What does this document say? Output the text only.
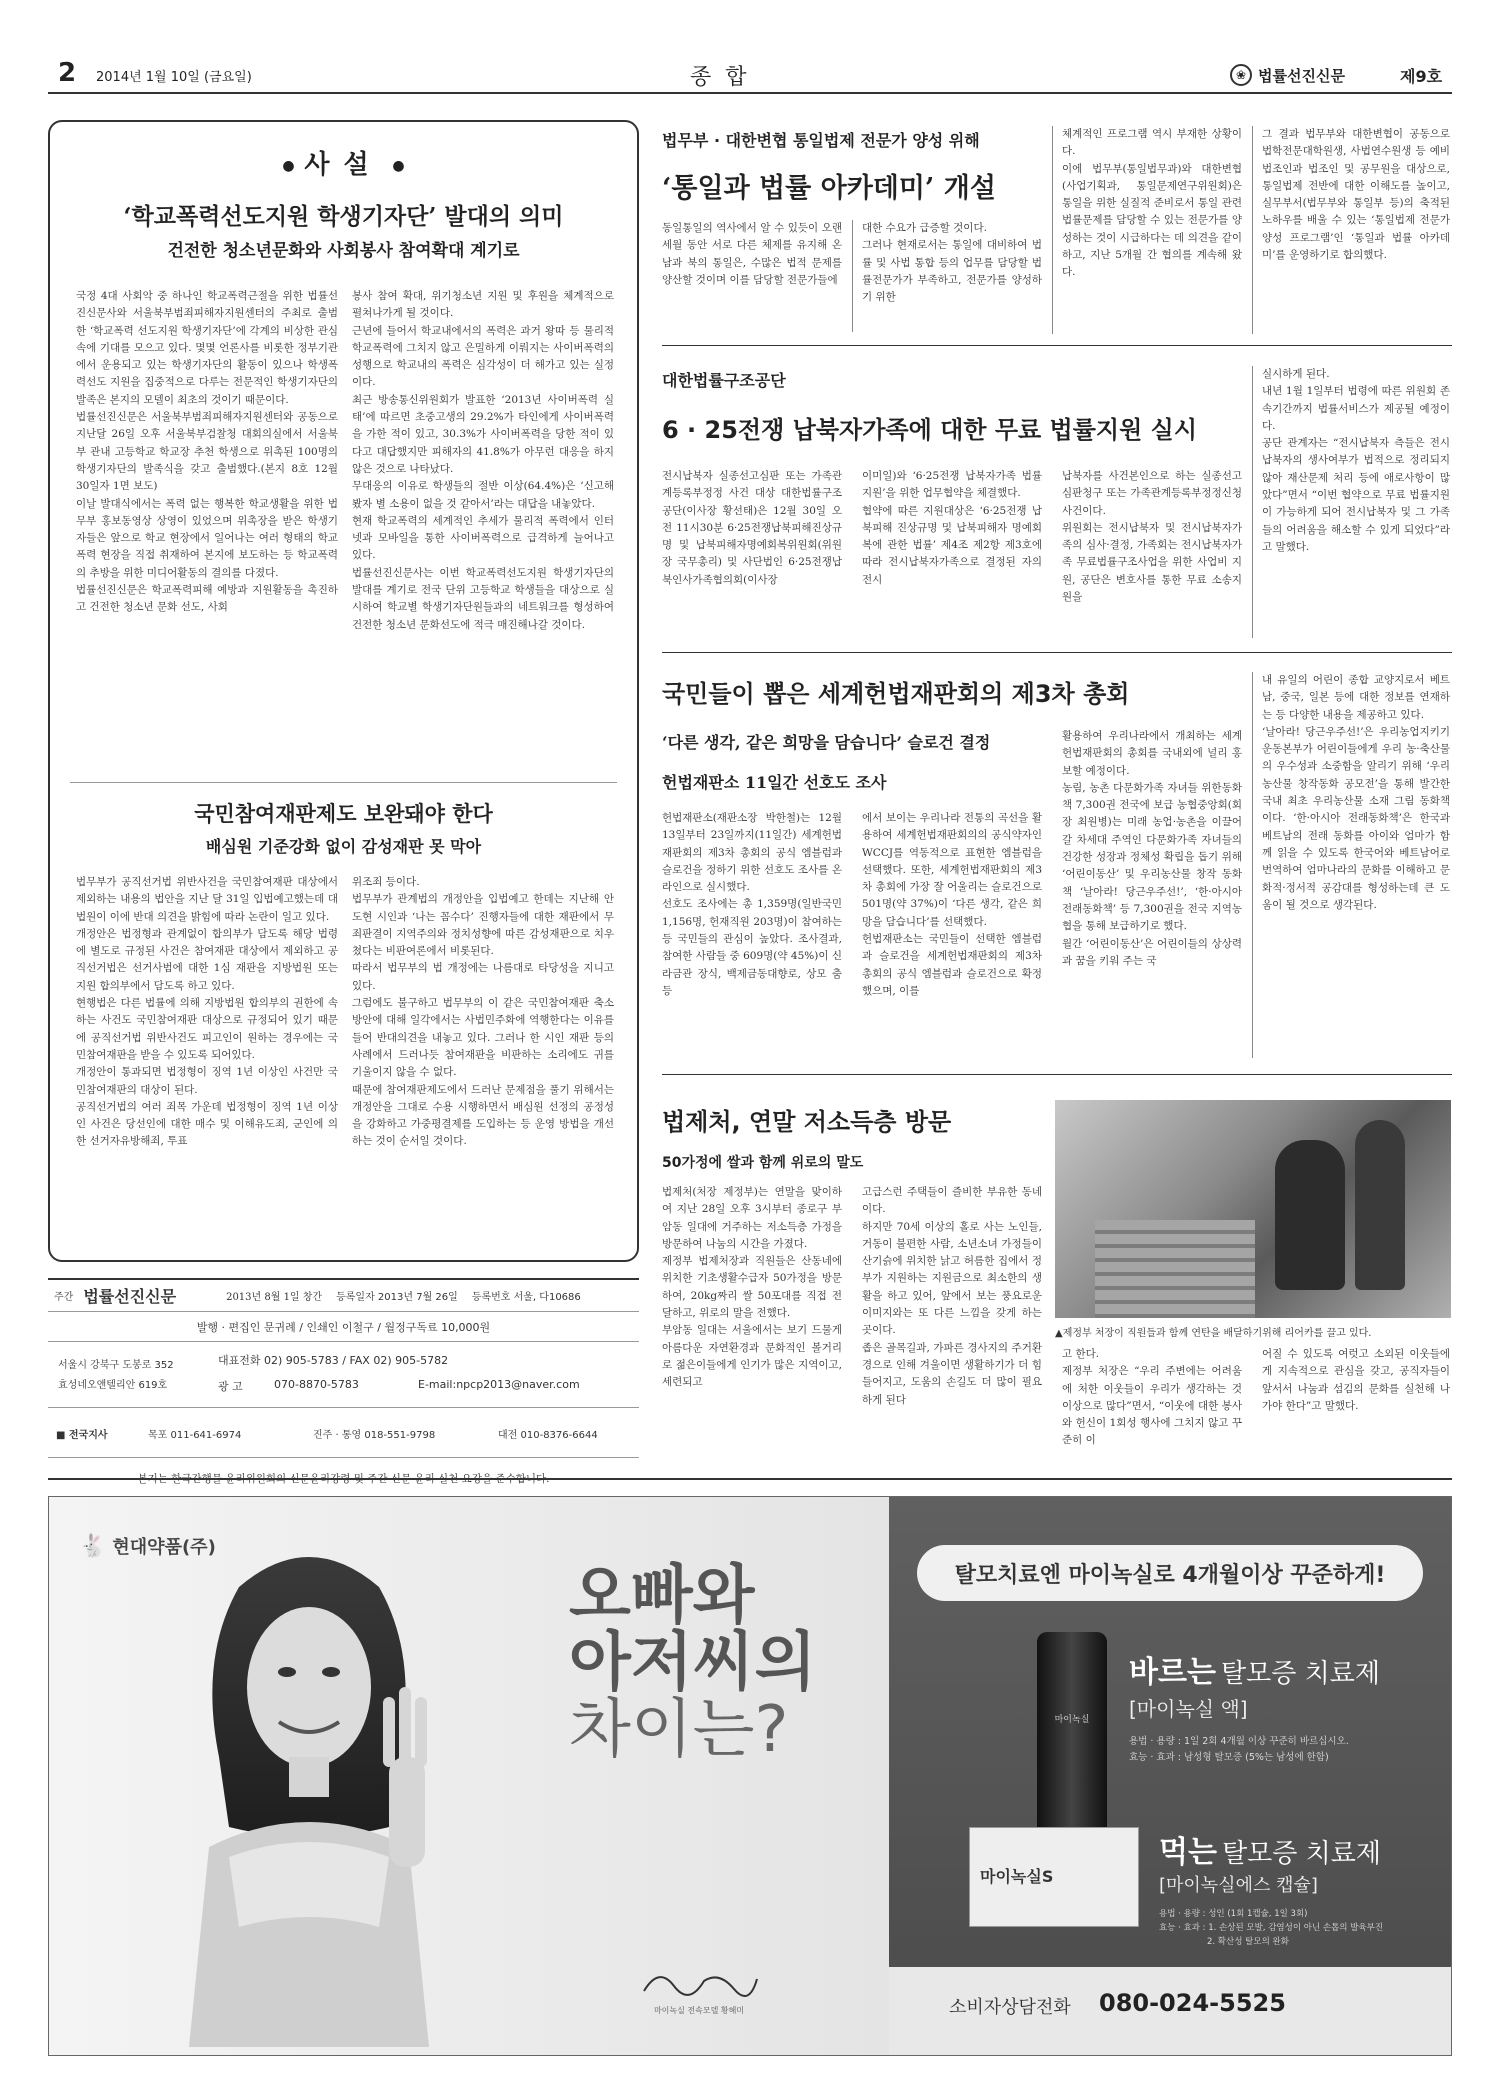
2 2014년 1월 10일 (금요일)	종합	❀ 법률선진신문	제9호
●  사설  ●
‘학교폭력선도지원 학생기자단’ 발대의 의미
건전한 청소년문화와 사회봉사 참여확대 계기로
국정 4대 사회악 중 하나인 학교폭력근절을 위한 법률선진신문사와 서울북부범죄피해자지원센터의 주최로 출범한 ‘학교폭력 선도지원 학생기자단’에 각계의 비상한 관심속에 기대를 모으고 있다. 몇몇 언론사를 비롯한 정부기관에서 운용되고 있는 학생기자단의 활동이 있으나 학생폭력선도 지원을 집중적으로 다루는 전문적인 학생기자단의 발족은 본지의 모델이 최초의 것이기 때문이다.
법률선진신문은 서울북부범죄피해자지원센터와 공동으로 지난달 26일 오후 서울북부검찰청 대회의실에서 서울북부 관내 고등학교 학교장 추천 학생으로 위촉된 100명의 학생기자단의 발족식을 갖고 출범했다.(본지 8호 12월 30일자 1면 보도)
이날 발대식에서는 폭력 없는 행복한 학교생활을 위한 법무부 홍보동영상 상영이 있었으며 위촉장을 받은 학생기자들은 앞으로 학교 현장에서 일어나는 여러 형태의 학교폭력 현장을 직접 취재하여 본지에 보도하는 등 학교폭력의 추방을 위한 미디어활동의 결의를 다졌다.
법률선진신문은 학교폭력피해 예방과 지원활동을 촉진하고 건전한 청소년 문화 선도, 사회
봉사 참여 확대, 위기청소년 지원 및 후원을 체계적으로 펼쳐나가게 될 것이다.
근년에 들어서 학교내에서의 폭력은 과거 왕따 등 물리적 학교폭력에 그치지 않고 은밀하게 이뤄지는 사이버폭력의 성행으로 학교내의 폭력은 심각성이 더 해가고 있는 실정이다.
최근 방송통신위원회가 발표한 ‘2013년 사이버폭력 실태’에 따르면 초중고생의 29.2%가 타인에게 사이버폭력을 가한 적이 있고, 30.3%가 사이버폭력을 당한 적이 있다고 대답했지만 피해자의 41.8%가 아무런 대응을 하지 않은 것으로 나타났다.
무대응의 이유로 학생들의 절반 이상(64.4%)은 ‘신고해봤자 별 소용이 없을 것 같아서’라는 대답을 내놓았다.
현재 학교폭력의 세계적인 추세가 물리적 폭력에서 인터넷과 모바일을 통한 사이버폭력으로 급격하게 늘어나고 있다.
법률선진신문사는 이번 학교폭력선도지원 학생기자단의 발대를 계기로 전국 단위 고등학교 학생들을 대상으로 실시하여 학교별 학생기자단원들과의 네트워크를 형성하여 건전한 청소년 문화선도에 적극 매진해나갈 것이다.
국민참여재판제도 보완돼야 한다
배심원 기준강화 없이 감성재판 못 막아
법무부가 공직선거법 위반사건을 국민참여재판 대상에서 제외하는 내용의 법안을 지난 달 31일 입법예고했는데 대법원이 이에 반대 의견을 밝힘에 따라 논란이 일고 있다.
개정안은 법정형과 관계없이 합의부가 담도록 해당 법령에 별도로 규정된 사건은 참여재판 대상에서 제외하고 공직선거법은 선거사범에 대한 1심 재판을 지방법원 또는 지원 합의부에서 담도록 하고 있다.
현행법은 다른 법률에 의해 지방법원 합의부의 권한에 속하는 사건도 국민참여재판 대상으로 규정되어 있기 때문에 공직선거법 위반사건도 피고인이 원하는 경우에는 국민참여재판을 받을 수 있도록 되어있다.
개정안이 통과되면 법정형이 징역 1년 이상인 사건만 국민참여재판의 대상이 된다.
공직선거법의 여러 죄목 가운데 법정형이 징역 1년 이상인 사건은 당선인에 대한 매수 및 이해유도죄, 군인에 의한 선거자유방해죄, 투표
위조죄 등이다.
법무부가 관계법의 개정안을 입법예고 한데는 지난해 안도현 시인과 ‘나는 꼼수다’ 진행자들에 대한 재판에서 무죄판결이 지역주의와 정치성향에 따른 감성재판으로 치우쳤다는 비판여론에서 비롯된다.
따라서 법무부의 법 개정에는 나름대로 타당성을 지니고 있다.
그럼에도 불구하고 법무부의 이 같은 국민참여재판 축소방안에 대해 일각에서는 사법민주화에 역행한다는 이유를 들어 반대의견을 내놓고 있다. 그러나 한 시인 재판 등의 사례에서 드러나듯 참여재판을 비판하는 소리에도 귀를 기울이지 않을 수 없다.
때문에 참여재판제도에서 드러난 문제점을 풀기 위해서는 개정안을 그대로 수용 시행하면서 배심원 선정의 공정성을 강화하고 가중평결제를 도입하는 등 운영 방법을 개선하는 것이 순서일 것이다.
주간 법률선진신문	2013년 8월 1일 창간 등록일자 2013년 7월 26일 등록번호 서울, 다10686
발행 · 편집인 문귀례 / 인쇄인 이철구 / 월정구독료 10,000원
서울시 강북구 도봉로 352
효성네오앤텔리안 619호
대표전화 02) 905-5783 / FAX 02) 905-5782
광 고	070-8870-5783	E-mail:npcp2013@naver.com
■ 전국지사	목포 011-641-6974	진주 · 통영 018-551-9798	대전 010-8376-6644
법무부 · 대한변협 통일법제 전문가 양성 위해
‘통일과 법률 아카데미’ 개설
동일통일의 역사에서 알 수 있듯이 오랜 세월 동안 서로 다른 체제를 유지해 온 남과 북의 통일은, 수많은 법적 문제를 양산할 것이며 이를 담당할 전문가들에
대한 수요가 급증할 것이다.
그러나 현재로서는 통일에 대비하여 법률 및 사법 통합 등의 업무를 담당할 법률전문가가 부족하고, 전문가를 양성하기 위한
체계적인 프로그램 역시 부재한 상황이다.
이에 법무부(통일법무과)와 대한변협(사업기획과, 통일문제연구위원회)은 통일을 위한 실질적 준비로서 통일 관련 법률문제를 담당할 수 있는 전문가를 양성하는 것이 시급하다는 데 의견을 같이하고, 지난 5개월 간 협의를 계속해 왔다.
그 결과 법무부와 대한변협이 공동으로 법학전문대학원생, 사법연수원생 등 예비법조인과 법조인 및 공무원을 대상으로, 통일법제 전반에 대한 이해도를 높이고, 실무부서(법무부와 통일부 등)의 축적된 노하우를 배울 수 있는 ‘통일법제 전문가 양성 프로그램’인 ‘통일과 법률 아카데미’를 운영하기로 합의했다.
대한법률구조공단
6 · 25전쟁 납북자가족에 대한 무료 법률지원 실시
전시납북자 실종선고심판 또는 가족관계등록부정정 사건 대상 대한법률구조공단(이사장 황선태)은 12월 30일 오전 11시30분 6·25전쟁납북피해진상규명 및 납북피해자명예회복위원회(위원장 국무총리) 및 사단법인 6·25전쟁납북인사가족협의회(이사장
이미일)와 ‘6·25전쟁 납북자가족 법률지원’을 위한 업무협약을 체결했다.
협약에 따른 지원대상은 ‘6·25전쟁 납북피해 진상규명 및 납북피해자 명예회복에 관한 법률’ 제4조 제2항 제3호에 따라 전시납북자가족으로 결정된 자의 전시
납북자를 사건본인으로 하는 실종선고심판청구 또는 가족관계등록부정정신청 사건이다.
위원회는 전시납북자 및 전시납북자가족의 심사·결정, 가족회는 전시납북자가족 무료법률구조사업을 위한 사업비 지원, 공단은 변호사를 통한 무료 소송지원을
실시하게 된다.
내년 1월 1일부터 법령에 따른 위원회 존속기간까지 법률서비스가 제공될 예정이다.
공단 관계자는 “전시납북자 측들은 전시납북자의 생사여부가 법적으로 정리되지 않아 재산문제 처리 등에 애로사항이 많았다”면서 “이번 협약으로 무료 법률지원이 가능하게 되어 전시납북자 및 그 가족들의 어려움을 해소할 수 있게 되었다”라고 말했다.
국민들이 뽑은 세계헌법재판회의 제3차 총회
‘다른 생각, 같은 희망을 담습니다’ 슬로건 결정
헌법재판소 11일간 선호도 조사
헌법재판소(재판소장 박한철)는 12월 13일부터 23일까지(11일간) 세계헌법재판회의 제3차 총회의 공식 엠블럼과 슬로건을 정하기 위한 선호도 조사를 온라인으로 실시했다.
선호도 조사에는 총 1,359명(일반국민 1,156명, 헌재직원 203명)이 참여하는 등 국민들의 관심이 높았다. 조사결과, 참여한 사람들 중 609명(약 45%)이 신라금관 장식, 백제금동대향로, 상모 춤 등
에서 보이는 우리나라 전통의 곡선을 활용하여 세계헌법재판회의의 공식약자인 WCCJ를 역동적으로 표현한 엠블럼을 선택했다. 또한, 세계헌법재판회의 제3차 총회에 가장 잘 어울리는 슬로건으로 501명(약 37%)이 ‘다른 생각, 같은 희망을 담습니다’를 선택했다.
헌법재판소는 국민들이 선택한 엠블럼과 슬로건을 세계헌법재판회의 제3차 총회의 공식 엠블럼과 슬로건으로 확정했으며, 이를
활용하여 우리나라에서 개최하는 세계헌법재판회의 총회를 국내외에 널리 홍보할 예정이다.
농림, 농촌 다문화가족 자녀들 위한동화책 7,300권 전국에 보급 농협중앙회(회장 최원병)는 미래 농업·농촌을 이끌어 갈 차세대 주역인 다문화가족 자녀들의 건강한 성장과 정체성 확립을 돕기 위해 ‘어린이동산’ 및 우리농산물 창작 동화책 ‘날아라! 당근우주선!’, ‘한·아시아 전래동화책’ 등 7,300권을 전국 지역농협을 통해 보급하기로 했다.
월간 ‘어린이동산’은 어린이들의 상상력과 꿈을 키워 주는 국
내 유일의 어린이 종합 교양지로서 베트남, 중국, 일본 등에 대한 정보를 연재하는 등 다양한 내용을 제공하고 있다.
‘날아라! 당근우주선!’은 우리농업지키기운동본부가 어린이들에게 우리 농·축산물의 우수성과 소중함을 알리기 위해 ‘우리농산물 창작동화 공모전’을 통해 발간한 국내 최초 우리농산물 소재 그림 동화책이다. ‘한·아시아 전래동화책’은 한국과 베트남의 전래 동화를 아이와 엄마가 함께 읽을 수 있도록 한국어와 베트남어로 번역하여 엄마나라의 문화를 이해하고 문화적·정서적 공감대를 형성하는데 큰 도움이 될 것으로 생각된다.
법제처, 연말 저소득층 방문
50가정에 쌀과 함께 위로의 말도
법제처(처장 제정부)는 연말을 맞이하여 지난 28일 오후 3시부터 종로구 부암동 일대에 거주하는 저소득층 가정을 방문하여 나눔의 시간을 가졌다.
제정부 법제처장과 직원들은 산동네에 위치한 기초생활수급자 50가정을 방문하여, 20kg짜리 쌀 50포대를 직접 전달하고, 위로의 말을 전했다.
부암동 일대는 서울에서는 보기 드물게 아름다운 자연환경과 문화적인 볼거리로 젊은이들에게 인기가 많은 지역이고, 세련되고
고급스런 주택들이 즐비한 부유한 동네이다.
하지만 70세 이상의 홀로 사는 노인들, 거동이 불편한 사람, 소년소녀 가정들이 산기슭에 위치한 낡고 허름한 집에서 정부가 지원하는 지원금으로 최소한의 생활을 하고 있어, 앞에서 보는 풍요로운 이미지와는 또 다른 느낌을 갖게 하는 곳이다.
좁은 골목길과, 가파른 경사지의 주거환경으로 인해 겨울이면 생활하기가 더 힘들어지고, 도움의 손길도 더 많이 필요하게 된다
▲제정부 처장이 직원들과 함께 연탄을 배달하기위해 리어카를 끌고 있다.
고 한다.
제정부 처장은 “우리 주변에는 어려움에 처한 이웃들이 우리가 생각하는 것 이상으로 많다”면서, “이웃에 대한 봉사와 헌신이 1회성 행사에 그치지 않고 꾸준히 이
어질 수 있도록 여럿고 소외된 이웃들에게 지속적으로 관심을 갖고, 공직자들이 앞서서 나눔과 섬김의 문화를 실천해 나가야 한다”고 말했다.
🐇 현대약품(주)
오빠와
아저씨의
차이는?
마이녹실 전속모델 황혜미
탈모치료엔 마이녹실로 4개월이상 꾸준하게!
마이녹실
바르는 탈모증 치료제
[마이녹실 액]
용법 · 용량 : 1일 2회 4개월 이상 꾸준히 바르십시오.
효능 · 효과 : 남성형 탈모증 (5%는 남성에 한함)
마이녹실S
먹는 탈모증 치료제
[마이녹실에스 캡슐]
용법 · 용량 : 성인 (1회 1캡슐, 1일 3회)
효능 · 효과 : 1. 손상된 모발, 감염성이 아닌 손톱의 발육부진
2. 확산성 탈모의 완화
소비자상담전화 080-024-5525
